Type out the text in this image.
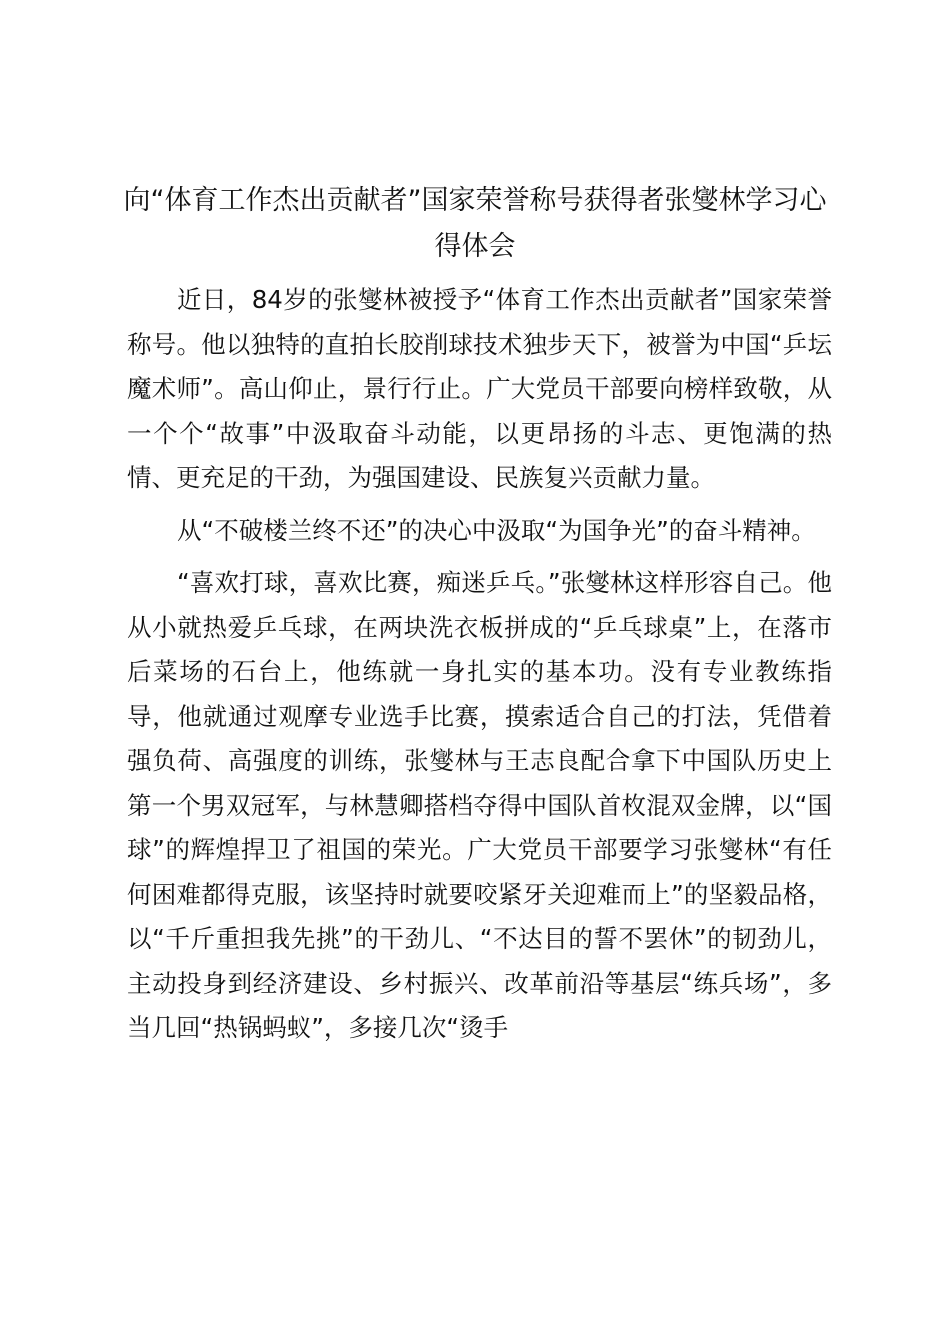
向“体育工作杰出贡献者”国家荣誉称号获得者张燮林学习心得体会

近日，84岁的张燮林被授予“体育工作杰出贡献者”国家荣誉称号。他以独特的直拍长胶削球技术独步天下，被誉为中国“乒坛魔术师”。高山仰止，景行行止。广大党员干部要向榜样致敬，从一个个“故事”中汲取奋斗动能，以更昂扬的斗志、更饱满的热情、更充足的干劲，为强国建设、民族复兴贡献力量。

从“不破楼兰终不还”的决心中汲取“为国争光”的奋斗精神。

“喜欢打球，喜欢比赛，痴迷乒乓。”张燮林这样形容自己。他从小就热爱乒乓球，在两块洗衣板拼成的“乒乓球桌”上，在落市后菜场的石台上，他练就一身扎实的基本功。没有专业教练指导，他就通过观摩专业选手比赛，摸索适合自己的打法，凭借着强负荷、高强度的训练，张燮林与王志良配合拿下中国队历史上第一个男双冠军，与林慧卿搭档夺得中国队首枚混双金牌，以“国球”的辉煌捍卫了祖国的荣光。广大党员干部要学习张燮林“有任何困难都得克服，该坚持时就要咬紧牙关迎难而上”的坚毅品格，以“千斤重担我先挑”的干劲儿、“不达目的誓不罢休”的韧劲儿，主动投身到经济建设、乡村振兴、改革前沿等基层“练兵场”，多当几回“热锅蚂蚁”，多接几次“烫手
